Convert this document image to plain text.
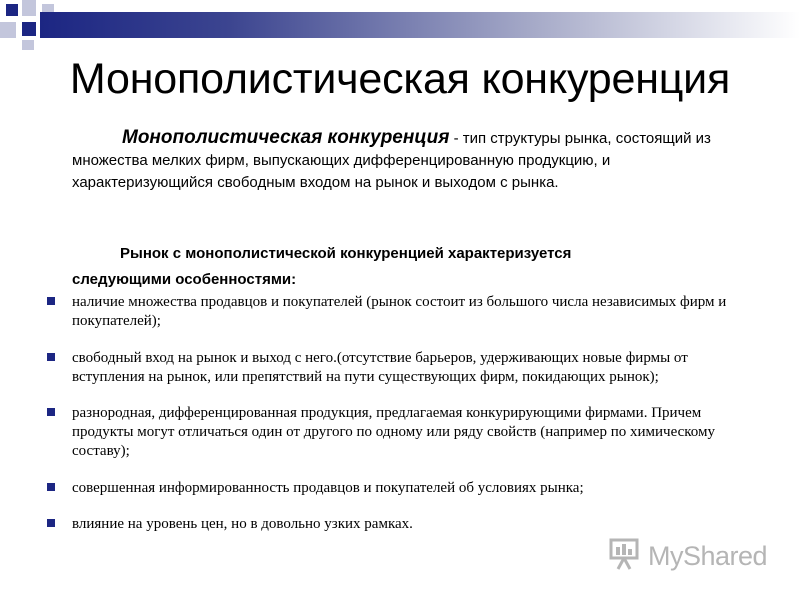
Монополистическая конкуренция

Монополистическая конкуренция - тип структуры рынка, состоящий из множества мелких фирм, выпускающих дифференцированную продукцию, и характеризующийся свободным входом на рынок и выходом с рынка.

Рынок с монополистической конкуренцией характеризуется
следующими особенностями:

наличие множества продавцов и покупателей (рынок состоит из большого числа независимых фирм и покупателей);
свободный вход на рынок и выход с него.(отсутствие барьеров, удерживающих новые фирмы от вступления на рынок, или препятствий на пути существующих фирм, покидающих рынок);
разнородная, дифференцированная продукция, предлагаемая конкурирующими фирмами. Причем продукты могут отличаться один от другого по одному или ряду свойств (например по химическому составу);
совершенная информированность продавцов и покупателей об условиях рынка;
влияние на уровень цен, но в довольно узких рамках.
MyShared
